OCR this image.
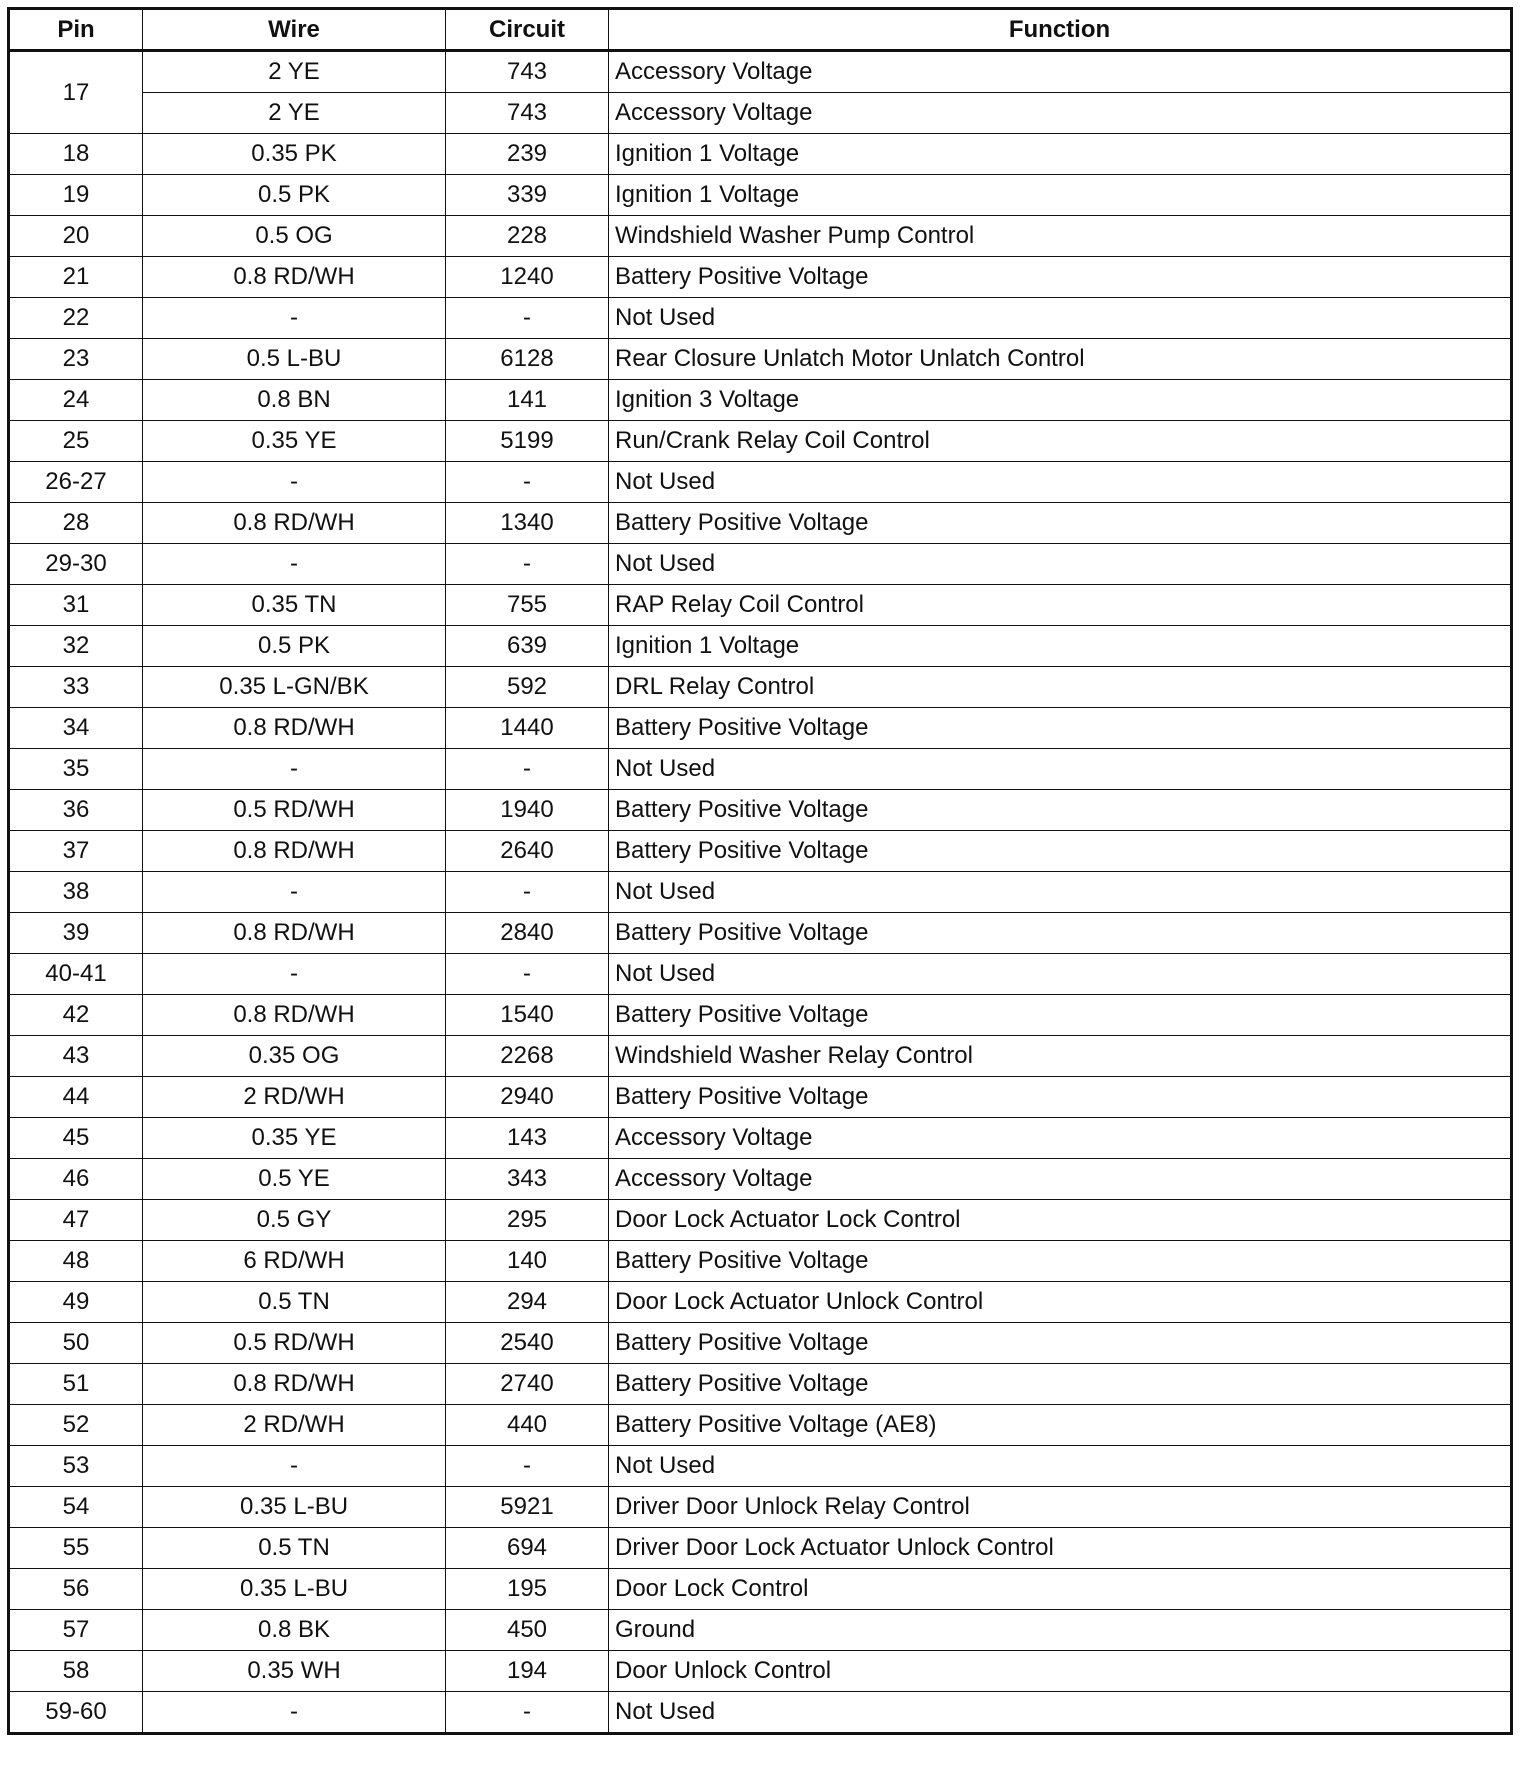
Pin	Wire	Circuit	Function
17	2 YE	743	Accessory Voltage
	2 YE	743	Accessory Voltage
18	0.35 PK	239	Ignition 1 Voltage
19	0.5 PK	339	Ignition 1 Voltage
20	0.5 OG	228	Windshield Washer Pump Control
21	0.8 RD/WH	1240	Battery Positive Voltage
22	-	-	Not Used
23	0.5 L-BU	6128	Rear Closure Unlatch Motor Unlatch Control
24	0.8 BN	141	Ignition 3 Voltage
25	0.35 YE	5199	Run/Crank Relay Coil Control
26-27	-	-	Not Used
28	0.8 RD/WH	1340	Battery Positive Voltage
29-30	-	-	Not Used
31	0.35 TN	755	RAP Relay Coil Control
32	0.5 PK	639	Ignition 1 Voltage
33	0.35 L-GN/BK	592	DRL Relay Control
34	0.8 RD/WH	1440	Battery Positive Voltage
35	-	-	Not Used
36	0.5 RD/WH	1940	Battery Positive Voltage
37	0.8 RD/WH	2640	Battery Positive Voltage
38	-	-	Not Used
39	0.8 RD/WH	2840	Battery Positive Voltage
40-41	-	-	Not Used
42	0.8 RD/WH	1540	Battery Positive Voltage
43	0.35 OG	2268	Windshield Washer Relay Control
44	2 RD/WH	2940	Battery Positive Voltage
45	0.35 YE	143	Accessory Voltage
46	0.5 YE	343	Accessory Voltage
47	0.5 GY	295	Door Lock Actuator Lock Control
48	6 RD/WH	140	Battery Positive Voltage
49	0.5 TN	294	Door Lock Actuator Unlock Control
50	0.5 RD/WH	2540	Battery Positive Voltage
51	0.8 RD/WH	2740	Battery Positive Voltage
52	2 RD/WH	440	Battery Positive Voltage (AE8)
53	-	-	Not Used
54	0.35 L-BU	5921	Driver Door Unlock Relay Control
55	0.5 TN	694	Driver Door Lock Actuator Unlock Control
56	0.35 L-BU	195	Door Lock Control
57	0.8 BK	450	Ground
58	0.35 WH	194	Door Unlock Control
59-60	-	-	Not Used
